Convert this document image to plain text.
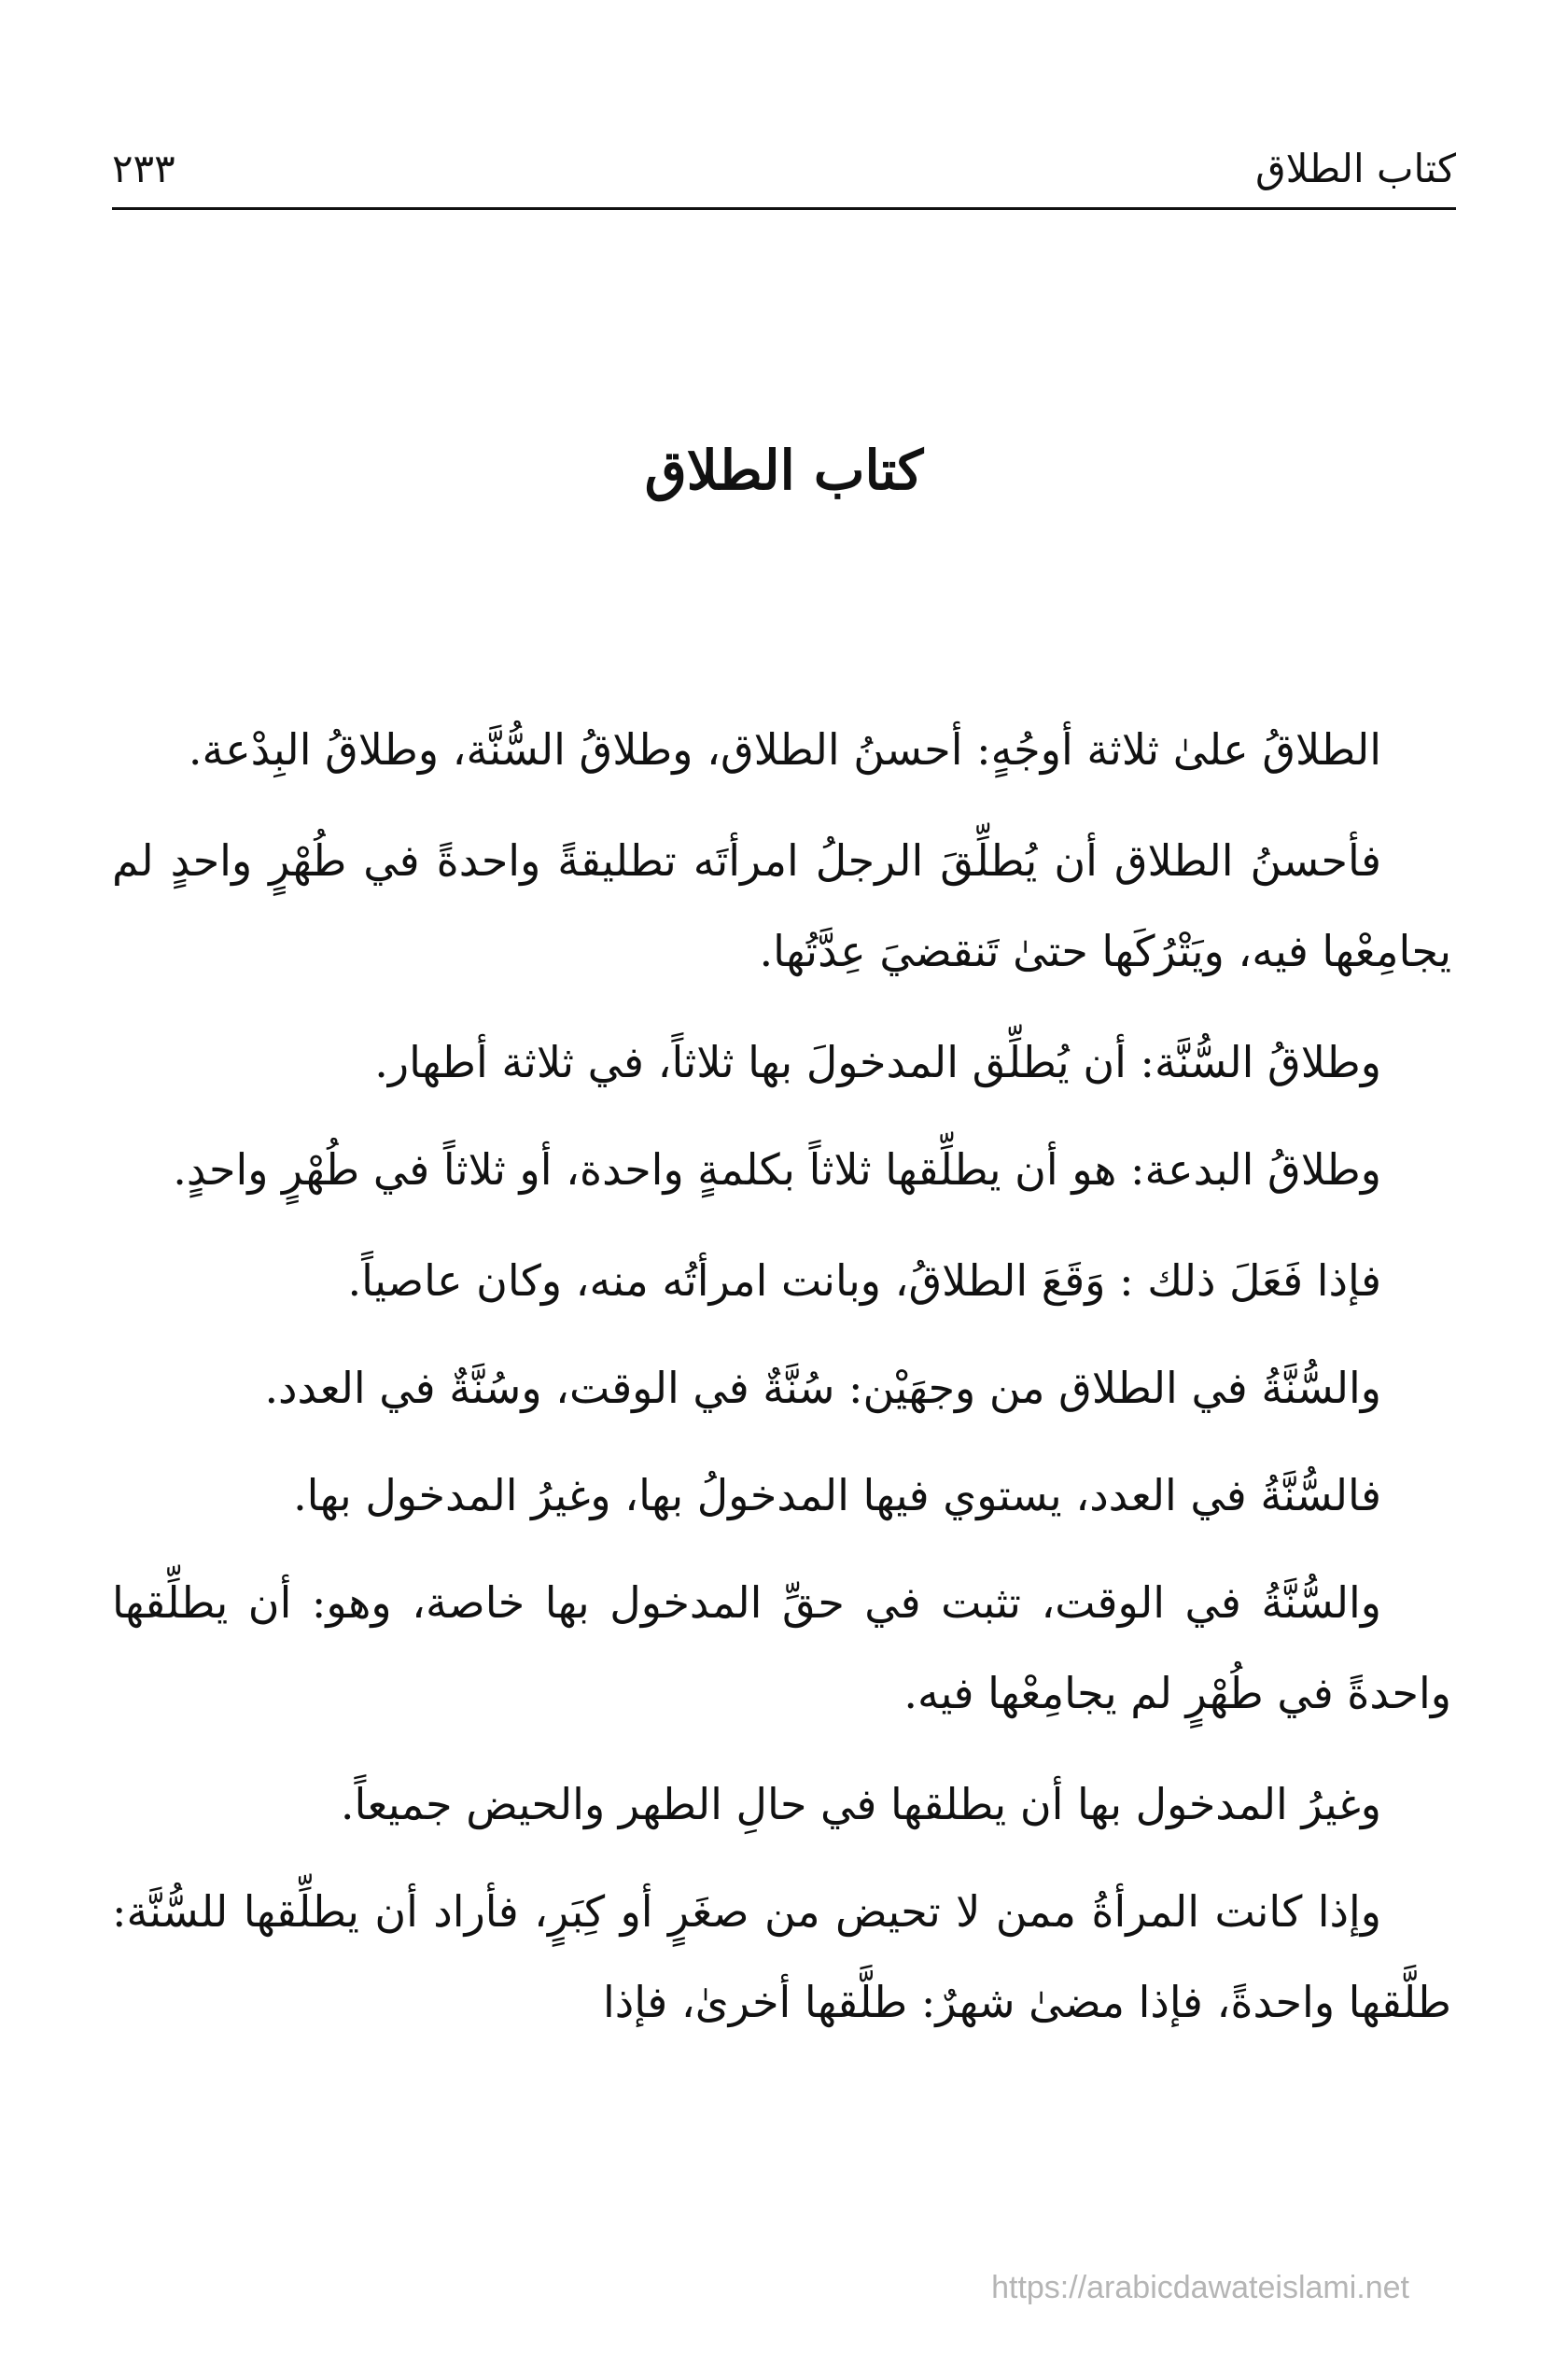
كتاب الطلاق
٢٣٣
كتاب الطلاق

الطلاقُ علىٰ ثلاثة أوجُهٍ: أحسنُ الطلاق، وطلاقُ السُّنَّة، وطلاقُ البِدْعة.

فأحسنُ الطلاق أن يُطلِّقَ الرجلُ امرأتَه تطليقةً واحدةً في طُهْرٍ واحدٍ لم يجامِعْها فيه، ويَتْرُكَها حتىٰ تَنقضيَ عِدَّتُها.

وطلاقُ السُّنَّة: أن يُطلِّق المدخولَ بها ثلاثاً، في ثلاثة أطهار.

وطلاقُ البدعة: هو أن يطلِّقها ثلاثاً بكلمةٍ واحدة، أو ثلاثاً في طُهْرٍ واحدٍ.

فإذا فَعَلَ ذلك : وَقَعَ الطلاقُ، وبانت امرأتُه منه، وكان عاصياً.

والسُّنَّةُ في الطلاق من وجهَيْن: سُنَّةٌ في الوقت، وسُنَّةٌ في العدد.

فالسُّنَّةُ في العدد، يستوي فيها المدخولُ بها، وغيرُ المدخول بها.

والسُّنَّةُ في الوقت، تثبت في حقِّ المدخول بها خاصة، وهو: أن يطلِّقها واحدةً في طُهْرٍ لم يجامِعْها فيه.

وغيرُ المدخول بها أن يطلقها في حالِ الطهر والحيض جميعاً.

وإذا كانت المرأةُ ممن لا تحيض من صغَرٍ أو كِبَرٍ، فأراد أن يطلِّقها للسُّنَّة: طلَّقها واحدةً، فإذا مضىٰ شهرٌ: طلَّقها أخرىٰ، فإذا

https://arabicdawateislami.net
